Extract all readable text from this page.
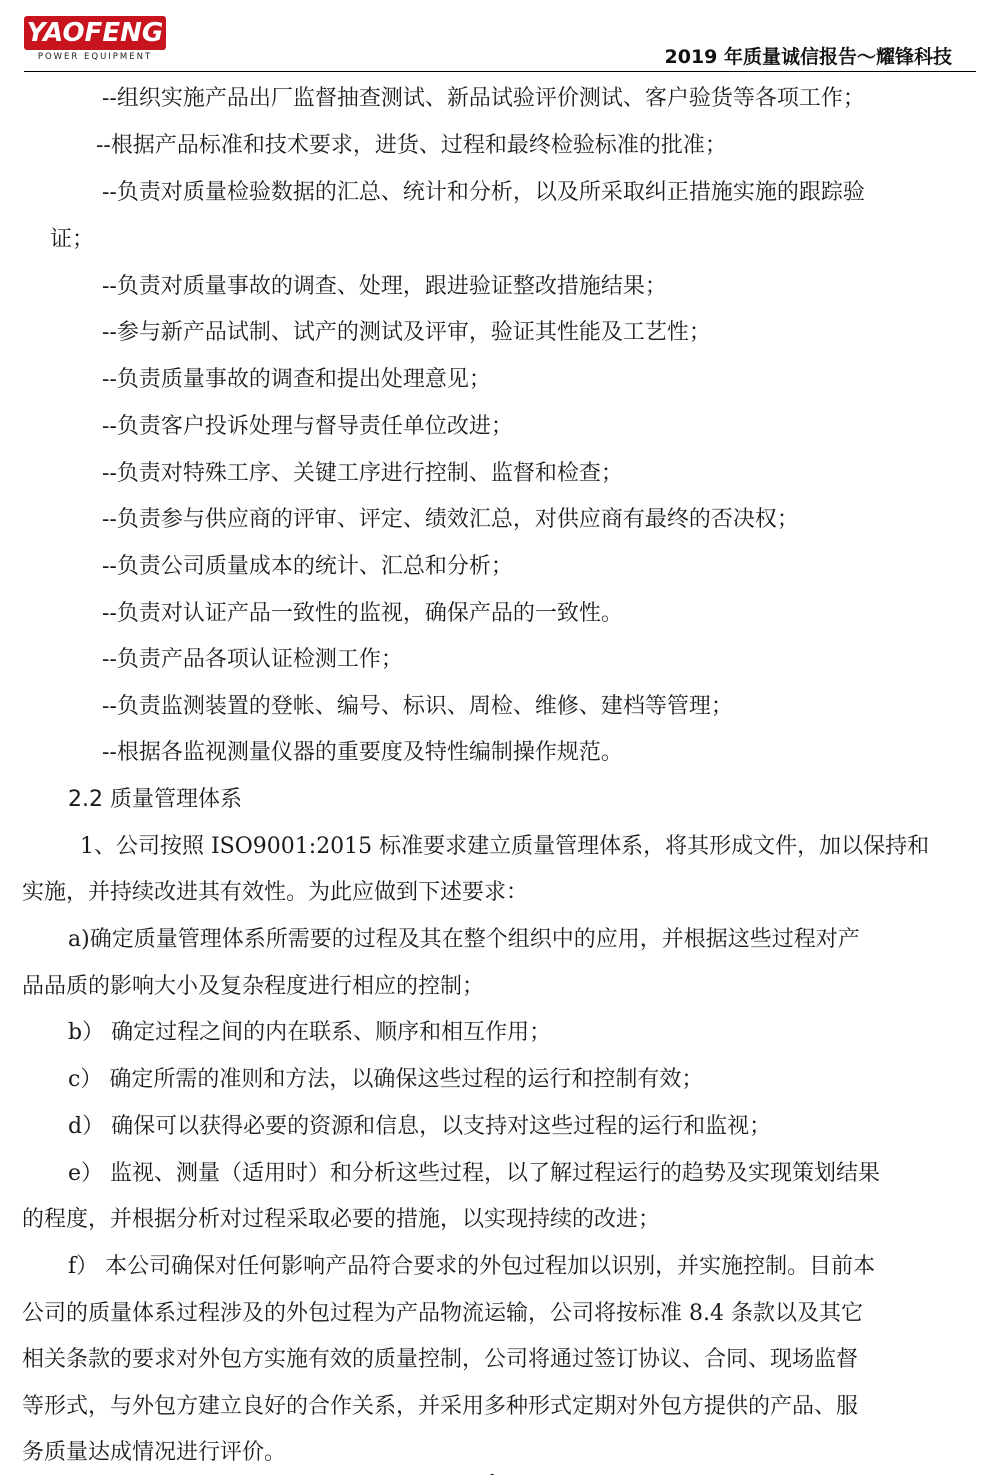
YAOFENG
POWER EQUIPMENT	2019 年质量诚信报告～耀锋科技
--组织实施产品出厂监督抽查测试、新品试验评价测试、客户验货等各项工作；
--根据产品标准和技术要求，进货、过程和最终检验标准的批准；
--负责对质量检验数据的汇总、统计和分析，以及所采取纠正措施实施的跟踪验
证；
--负责对质量事故的调查、处理，跟进验证整改措施结果；
--参与新产品试制、试产的测试及评审，验证其性能及工艺性；
--负责质量事故的调查和提出处理意见；
--负责客户投诉处理与督导责任单位改进；
--负责对特殊工序、关键工序进行控制、监督和检查；
--负责参与供应商的评审、评定、绩效汇总，对供应商有最终的否决权；
--负责公司质量成本的统计、汇总和分析；
--负责对认证产品一致性的监视，确保产品的一致性。
--负责产品各项认证检测工作；
--负责监测装置的登帐、编号、标识、周检、维修、建档等管理；
--根据各监视测量仪器的重要度及特性编制操作规范。
2.2 质量管理体系
1、公司按照 ISO9001:2015 标准要求建立质量管理体系，将其形成文件，加以保持和
实施，并持续改进其有效性。为此应做到下述要求：
a)确定质量管理体系所需要的过程及其在整个组织中的应用，并根据这些过程对产
品品质的影响大小及复杂程度进行相应的控制；
b） 确定过程之间的内在联系、顺序和相互作用；
c） 确定所需的准则和方法，以确保这些过程的运行和控制有效；
d） 确保可以获得必要的资源和信息，以支持对这些过程的运行和监视；
e） 监视、测量（适用时）和分析这些过程，以了解过程运行的趋势及实现策划结果
的程度，并根据分析对过程采取必要的措施，以实现持续的改进；
f） 本公司确保对任何影响产品符合要求的外包过程加以识别，并实施控制。目前本
公司的质量体系过程涉及的外包过程为产品物流运输，公司将按标准 8.4 条款以及其它
相关条款的要求对外包方实施有效的质量控制，公司将通过签订协议、合同、现场监督
等形式，与外包方建立良好的合作关系，并采用多种形式定期对外包方提供的产品、服
务质量达成情况进行评价。
-
